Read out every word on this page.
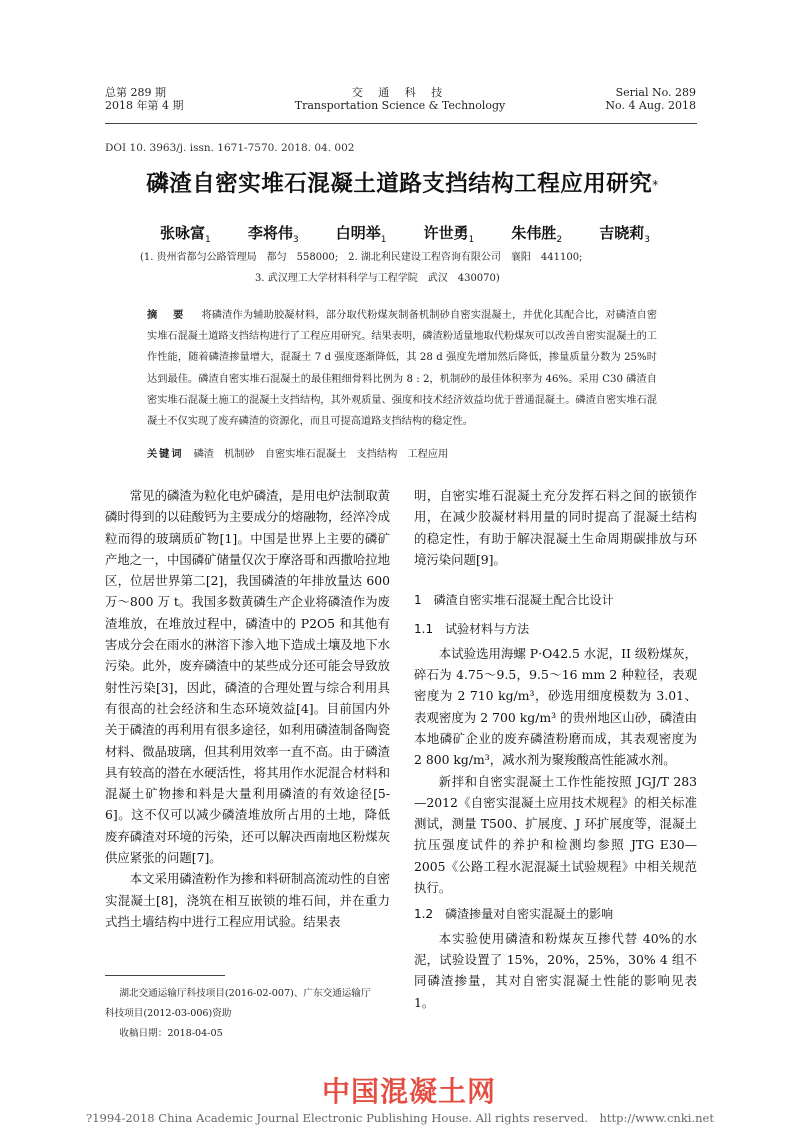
总第 289 期
2018 年第 4 期
交 通 科 技
Transportation Science & Technology
Serial No. 289
No. 4 Aug. 2018
DOI 10. 3963/j. issn. 1671-7570. 2018. 04. 002
磷渣自密实堆石混凝土道路支挡结构工程应用研究*
张咏富$_1$ 李将伟$_3$ 白明举$_1$ 许世勇$_1$ 朱伟胜$_2$ 吉晓莉$_3$
(1. 贵州省都匀公路管理局　都匀　558000;　2. 湖北利民建设工程咨询有限公司　襄阳　441100;
3. 武汉理工大学材料科学与工程学院　武汉　430070)
摘 要 将磷渣作为辅助胶凝材料，部分取代粉煤灰制备机制砂自密实混凝土，并优化其配合比，对磷渣自密实堆石混凝土道路支挡结构进行了工程应用研究。结果表明，磷渣粉适量地取代粉煤灰可以改善自密实混凝土的工作性能，随着磷渣掺量增大，混凝土 7 d 强度逐渐降低，其 28 d 强度先增加然后降低，掺量质量分数为 25%时达到最佳。磷渣自密实堆石混凝土的最佳粗细骨料比例为 8 : 2，机制砂的最佳体积率为 46%。采用 C30 磷渣自密实堆石混凝土施工的混凝土支挡结构，其外观质量、强度和技术经济效益均优于普通混凝土。磷渣自密实堆石混凝土不仅实现了废弃磷渣的资源化，而且可提高道路支挡结构的稳定性。
关键词 磷渣　机制砂　自密实堆石混凝土　支挡结构　工程应用

常见的磷渣为粒化电炉磷渣，是用电炉法制取黄磷时得到的以硅酸钙为主要成分的熔融物，经淬冷成粒而得的玻璃质矿物[1]。中国是世界上主要的磷矿产地之一，中国磷矿储量仅次于摩洛哥和西撒哈拉地区，位居世界第二[2]，我国磷渣的年排放量达 600 万～800 万 t。我国多数黄磷生产企业将磷渣作为废渣堆放，在堆放过程中，磷渣中的 P2O5 和其他有害成分会在雨水的淋溶下渗入地下造成土壤及地下水污染。此外，废弃磷渣中的某些成分还可能会导致放射性污染[3]，因此，磷渣的合理处置与综合利用具有很高的社会经济和生态环境效益[4]。目前国内外关于磷渣的再利用有很多途径，如利用磷渣制备陶瓷材料、微晶玻璃，但其利用效率一直不高。由于磷渣具有较高的潜在水硬活性，将其用作水泥混合材料和混凝土矿物掺和料是大量利用磷渣的有效途径[5-6]。这不仅可以减少磷渣堆放所占用的土地，降低废弃磷渣对环境的污染，还可以解决西南地区粉煤灰供应紧张的问题[7]。

本文采用磷渣粉作为掺和料研制高流动性的自密实混凝土[8]，浇筑在相互嵌锁的堆石间，并在重力式挡土墙结构中进行工程应用试验。结果表

明，自密实堆石混凝土充分发挥石料之间的嵌锁作用，在减少胶凝材料用量的同时提高了混凝土结构的稳定性，有助于解决混凝土生命周期碳排放与环境污染问题[9]。

1　磷渣自密实堆石混凝土配合比设计
1.1　试验材料与方法

本试验选用海螺 P·O42.5 水泥，II 级粉煤灰，碎石为 4.75～9.5，9.5～16 mm 2 种粒径，表观密度为 2 710 kg/m³，砂选用细度模数为 3.01、表观密度为 2 700 kg/m³ 的贵州地区山砂，磷渣由本地磷矿企业的废弃磷渣粉磨而成，其表观密度为 2 800 kg/m³，减水剂为聚羧酸高性能减水剂。

新拌和自密实混凝土工作性能按照 JGJ/T 283—2012《自密实混凝土应用技术规程》的相关标准测试，测量 T500、扩展度、J 环扩展度等，混凝土抗压强度试件的养护和检测均参照 JTG E30—2005《公路工程水泥混凝土试验规程》中相关规范执行。

1.2　磷渣掺量对自密实混凝土的影响

本实验使用磷渣和粉煤灰互掺代替 40%的水泥，试验设置了 15%，20%，25%，30% 4 组不同磷渣掺量，其对自密实混凝土性能的影响见表 1。

湖北交通运输厅科技项目(2016-02-007)、广东交通运输厅
科技项目(2012-03-006)资助
收稿日期：2018-04-05
中国混凝土网
?1994-2018 China Academic Journal Electronic Publishing House. All rights reserved.　http://www.cnki.net
